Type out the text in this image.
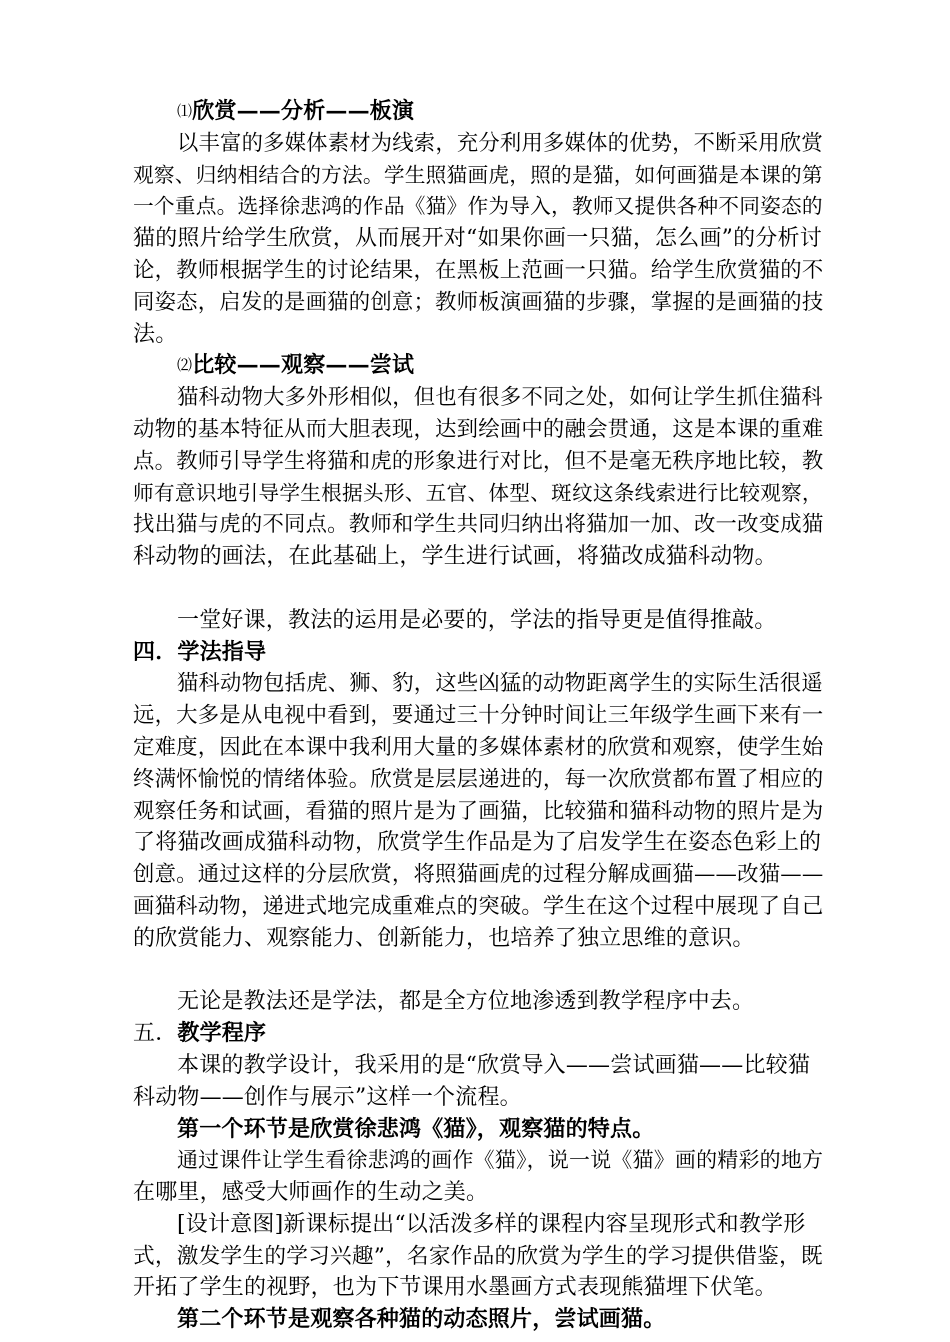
⑴欣赏——分析——板演
以丰富的多媒体素材为线索，充分利用多媒体的优势，不断采用欣赏
观察、归纳相结合的方法。学生照猫画虎，照的是猫，如何画猫是本课的第
一个重点。选择徐悲鸿的作品《猫》作为导入，教师又提供各种不同姿态的
猫的照片给学生欣赏，从而展开对“如果你画一只猫，怎么画”的分析讨
论，教师根据学生的讨论结果，在黑板上范画一只猫。给学生欣赏猫的不
同姿态，启发的是画猫的创意；教师板演画猫的步骤，掌握的是画猫的技
法。
⑵比较——观察——尝试
猫科动物大多外形相似，但也有很多不同之处，如何让学生抓住猫科
动物的基本特征从而大胆表现，达到绘画中的融会贯通，这是本课的重难
点。教师引导学生将猫和虎的形象进行对比，但不是毫无秩序地比较，教
师有意识地引导学生根据头形、五官、体型、斑纹这条线索进行比较观察，
找出猫与虎的不同点。教师和学生共同归纳出将猫加一加、改一改变成猫
科动物的画法，在此基础上，学生进行试画，将猫改成猫科动物。
一堂好课，教法的运用是必要的，学法的指导更是值得推敲。
四．学法指导
猫科动物包括虎、狮、豹，这些凶猛的动物距离学生的实际生活很遥
远，大多是从电视中看到，要通过三十分钟时间让三年级学生画下来有一
定难度，因此在本课中我利用大量的多媒体素材的欣赏和观察，使学生始
终满怀愉悦的情绪体验。欣赏是层层递进的，每一次欣赏都布置了相应的
观察任务和试画，看猫的照片是为了画猫，比较猫和猫科动物的照片是为
了将猫改画成猫科动物，欣赏学生作品是为了启发学生在姿态色彩上的
创意。通过这样的分层欣赏，将照猫画虎的过程分解成画猫——改猫——
画猫科动物，递进式地完成重难点的突破。学生在这个过程中展现了自己
的欣赏能力、观察能力、创新能力，也培养了独立思维的意识。
无论是教法还是学法，都是全方位地渗透到教学程序中去。
五．教学程序
本课的教学设计，我采用的是“欣赏导入——尝试画猫——比较猫
科动物——创作与展示”这样一个流程。
第一个环节是欣赏徐悲鸿《猫》，观察猫的特点。
通过课件让学生看徐悲鸿的画作《猫》，说一说《猫》画的精彩的地方
在哪里，感受大师画作的生动之美。
[设计意图]新课标提出“以活泼多样的课程内容呈现形式和教学形
式，激发学生的学习兴趣”，名家作品的欣赏为学生的学习提供借鉴，既
开拓了学生的视野，也为下节课用水墨画方式表现熊猫埋下伏笔。
第二个环节是观察各种猫的动态照片，尝试画猫。
